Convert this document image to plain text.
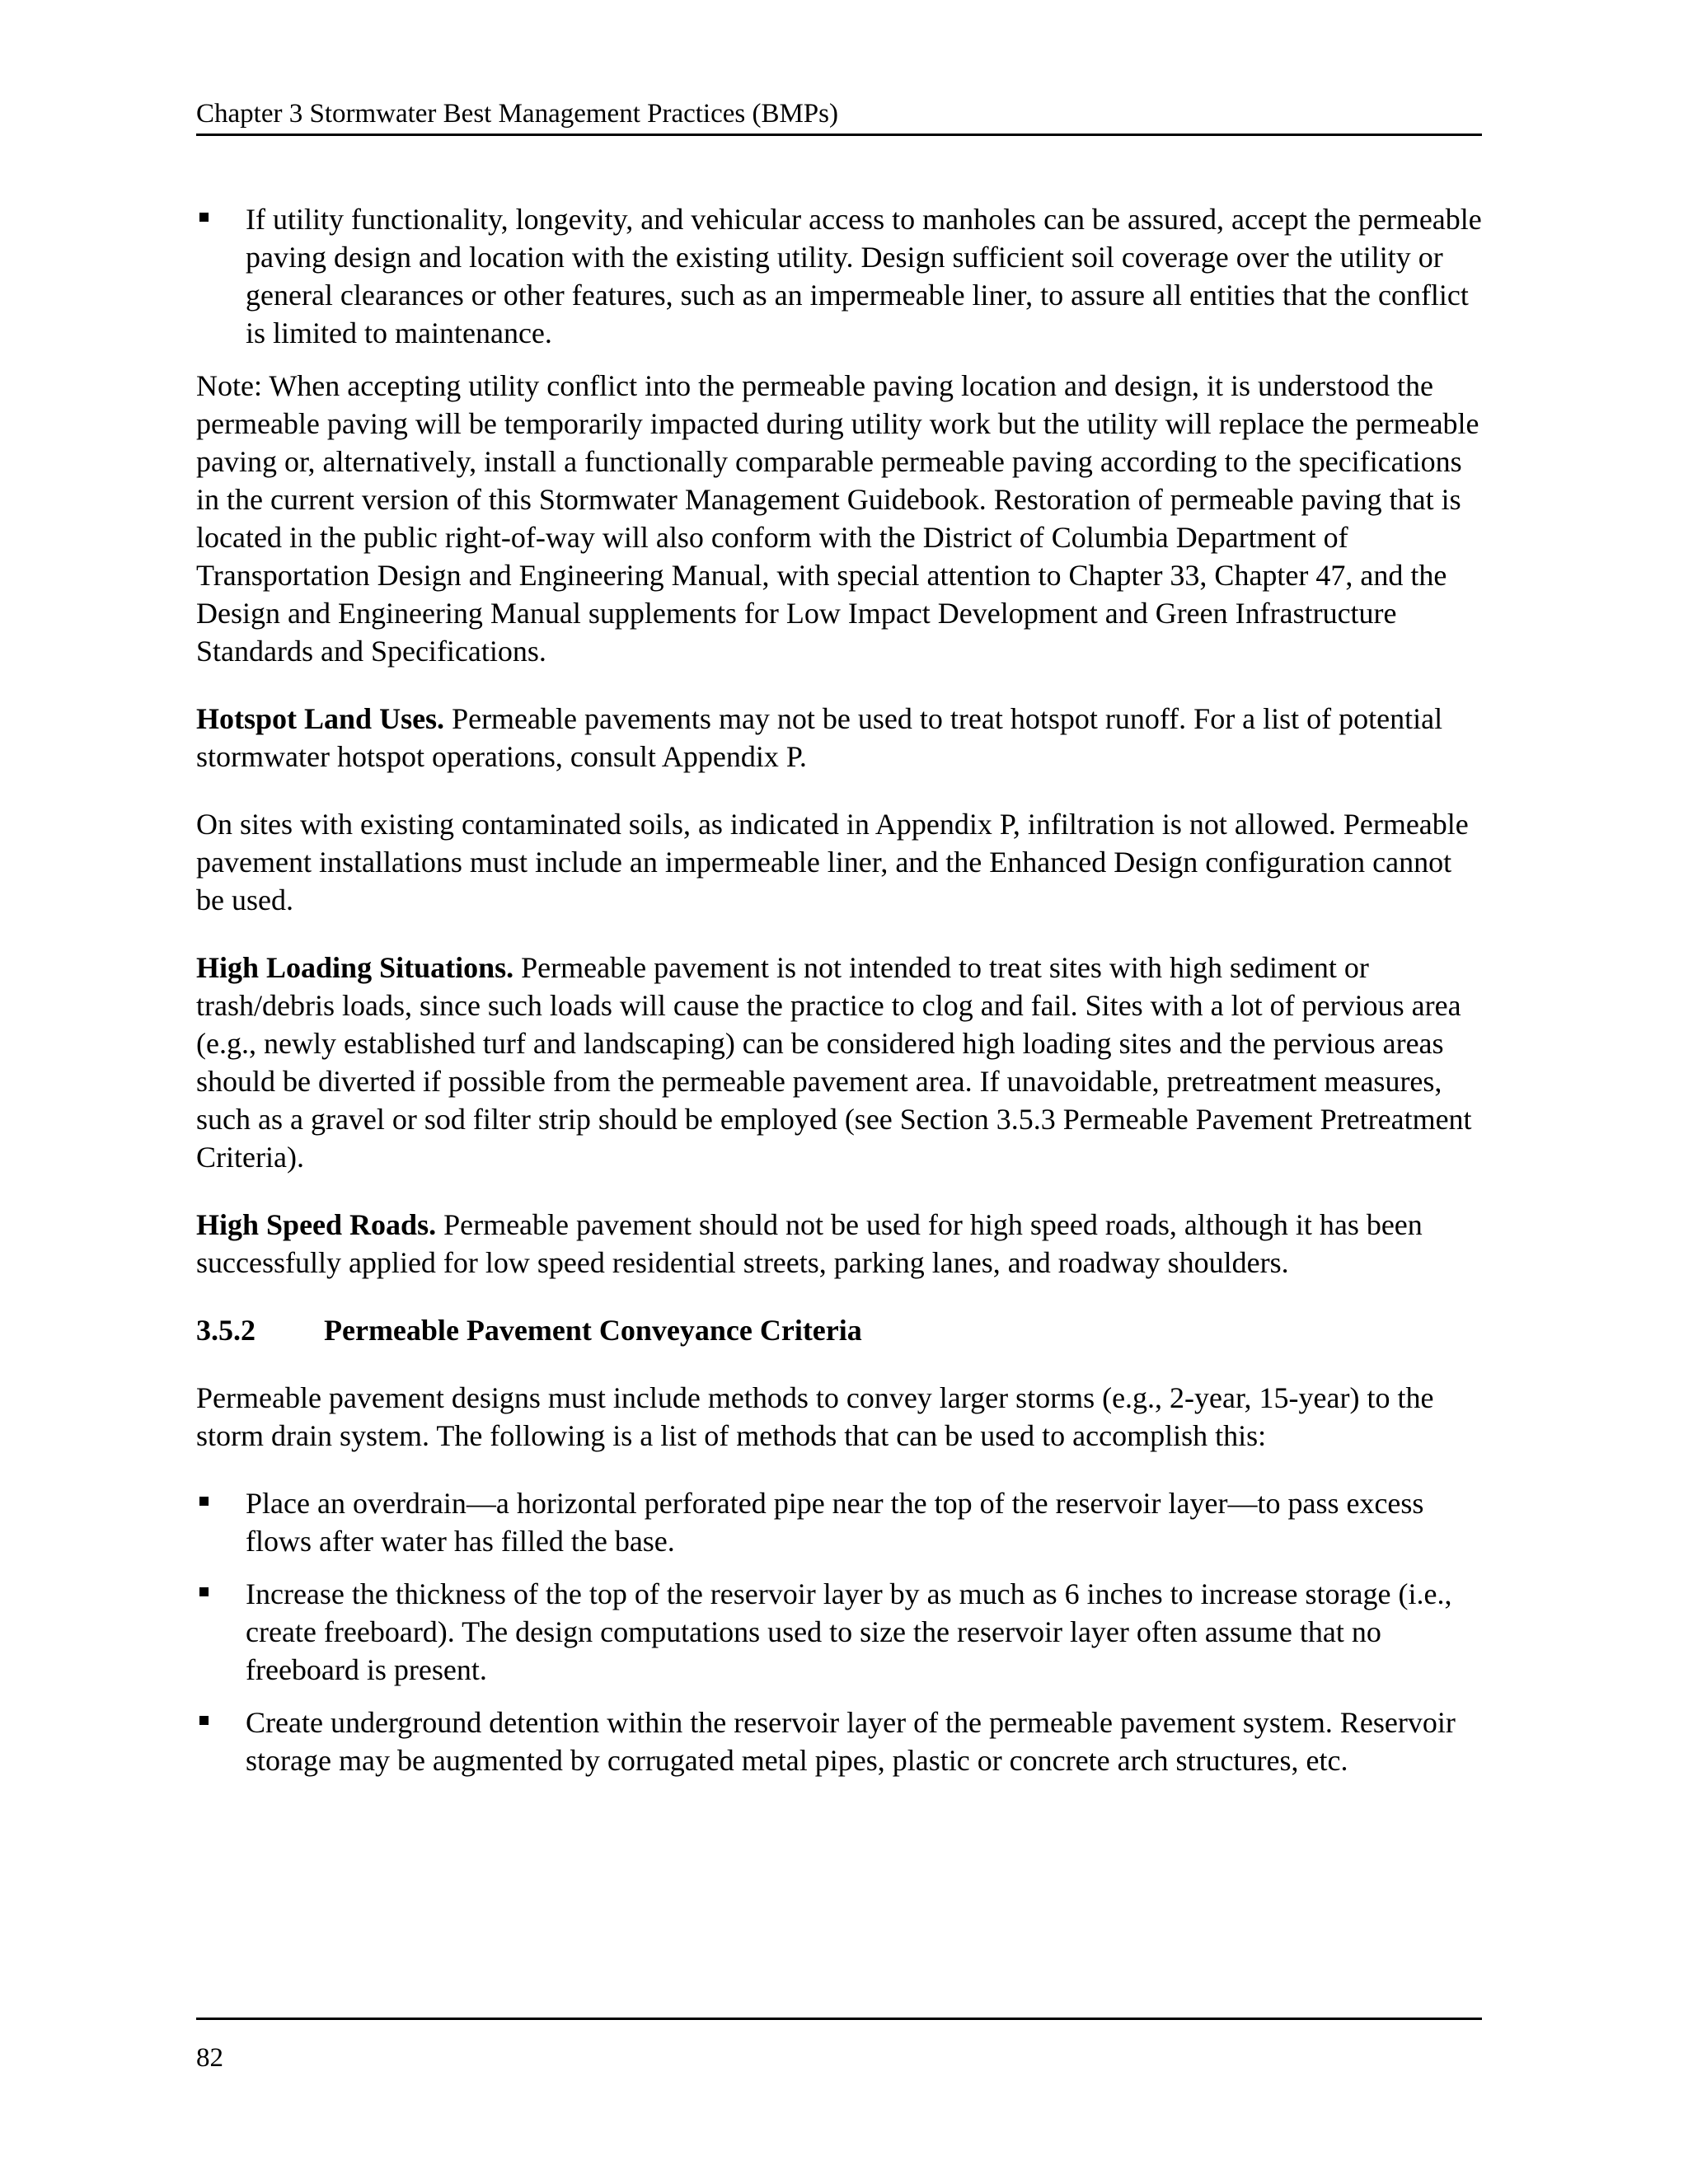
Chapter 3 Stormwater Best Management Practices (BMPs)
If utility functionality, longevity, and vehicular access to manholes can be assured, accept the permeable paving design and location with the existing utility. Design sufficient soil coverage over the utility or general clearances or other features, such as an impermeable liner, to assure all entities that the conflict is limited to maintenance.

Note: When accepting utility conflict into the permeable paving location and design, it is understood the permeable paving will be temporarily impacted during utility work but the utility will replace the permeable paving or, alternatively, install a functionally comparable permeable paving according to the specifications in the current version of this Stormwater Management Guidebook. Restoration of permeable paving that is located in the public right-of-way will also conform with the District of Columbia Department of Transportation Design and Engineering Manual, with special attention to Chapter 33, Chapter 47, and the Design and Engineering Manual supplements for Low Impact Development and Green Infrastructure Standards and Specifications.

Hotspot Land Uses. Permeable pavements may not be used to treat hotspot runoff. For a list of potential stormwater hotspot operations, consult Appendix P.

On sites with existing contaminated soils, as indicated in Appendix P, infiltration is not allowed. Permeable pavement installations must include an impermeable liner, and the Enhanced Design configuration cannot be used.

High Loading Situations. Permeable pavement is not intended to treat sites with high sediment or trash/debris loads, since such loads will cause the practice to clog and fail. Sites with a lot of pervious area (e.g., newly established turf and landscaping) can be considered high loading sites and the pervious areas should be diverted if possible from the permeable pavement area. If unavoidable, pretreatment measures, such as a gravel or sod filter strip should be employed (see Section 3.5.3 Permeable Pavement Pretreatment Criteria).

High Speed Roads. Permeable pavement should not be used for high speed roads, although it has been successfully applied for low speed residential streets, parking lanes, and roadway shoulders.

3.5.2 Permeable Pavement Conveyance Criteria

Permeable pavement designs must include methods to convey larger storms (e.g., 2-year, 15-year) to the storm drain system. The following is a list of methods that can be used to accomplish this:

Place an overdrain—a horizontal perforated pipe near the top of the reservoir layer—to pass excess flows after water has filled the base.
Increase the thickness of the top of the reservoir layer by as much as 6 inches to increase storage (i.e., create freeboard). The design computations used to size the reservoir layer often assume that no freeboard is present.
Create underground detention within the reservoir layer of the permeable pavement system. Reservoir storage may be augmented by corrugated metal pipes, plastic or concrete arch structures, etc.
82
